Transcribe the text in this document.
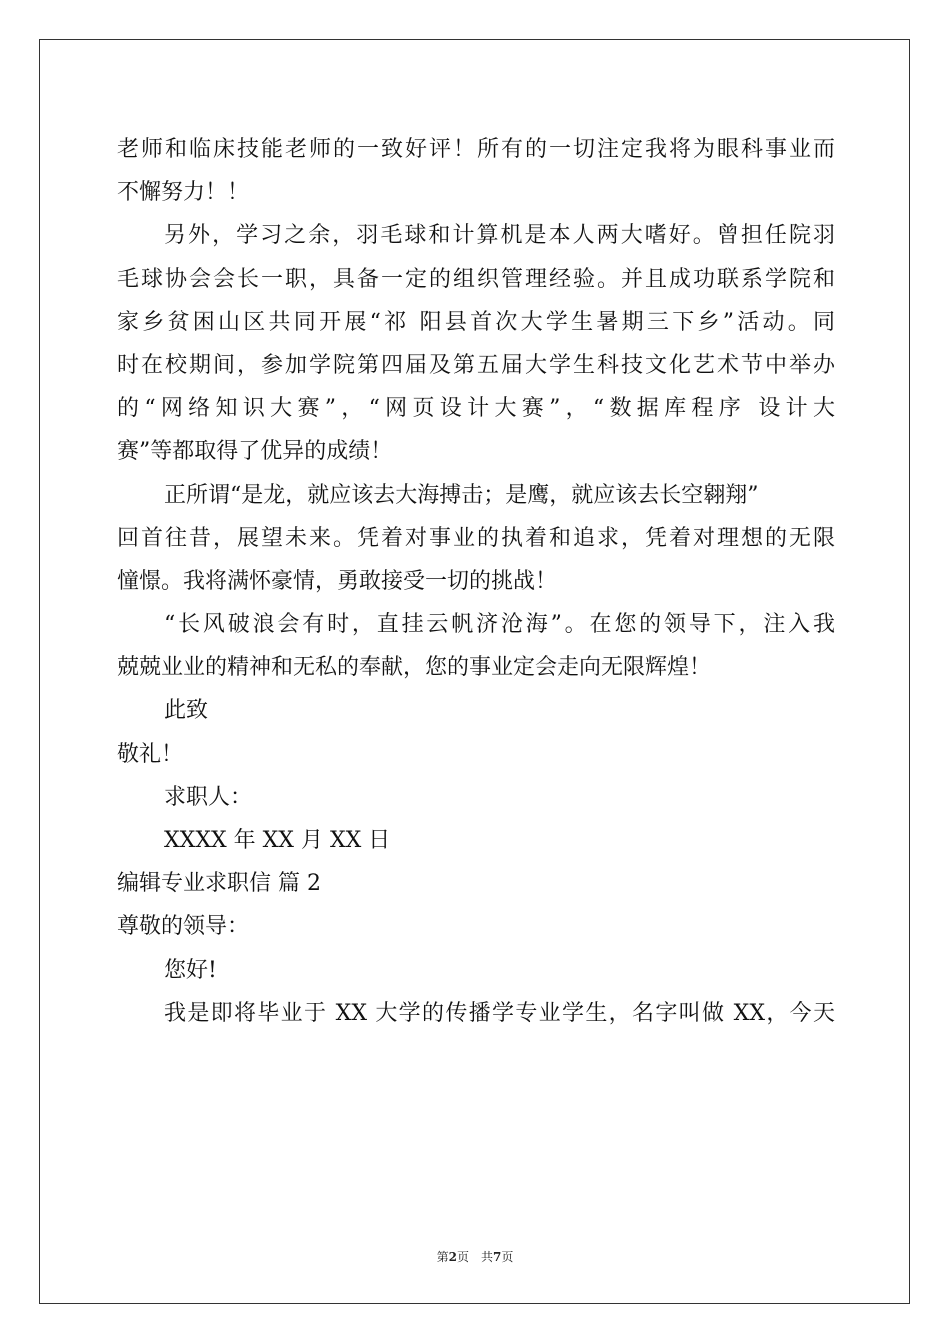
老师和临床技能老师的一致好评！所有的一切注定我将为眼科事业而
不懈努力！！
另外，学习之余，羽毛球和计算机是本人两大嗜好。曾担任院羽
毛球协会会长一职，具备一定的组织管理经验。并且成功联系学院和
家乡贫困山区共同开展“祁 阳县首次大学生暑期三下乡”活动。同
时在校期间，参加学院第四届及第五届大学生科技文化艺术节中举办
的“网络知识大赛”，“网页设计大赛”，“数据库程序 设计大
赛”等都取得了优异的成绩！
正所谓“是龙，就应该去大海搏击；是鹰，就应该去长空翱翔”
回首往昔，展望未来。凭着对事业的执着和追求，凭着对理想的无限
憧憬。我将满怀豪情，勇敢接受一切的挑战！
“长风破浪会有时，直挂云帆济沧海”。在您的领导下，注入我
兢兢业业的精神和无私的奉献，您的事业定会走向无限辉煌！
此致
敬礼！
求职人：
XXXX 年 XX 月 XX 日
编辑专业求职信 篇 2
尊敬的领导：
您好!
我是即将毕业于 XX 大学的传播学专业学生，名字叫做 XX，今天
第2页　共7页
